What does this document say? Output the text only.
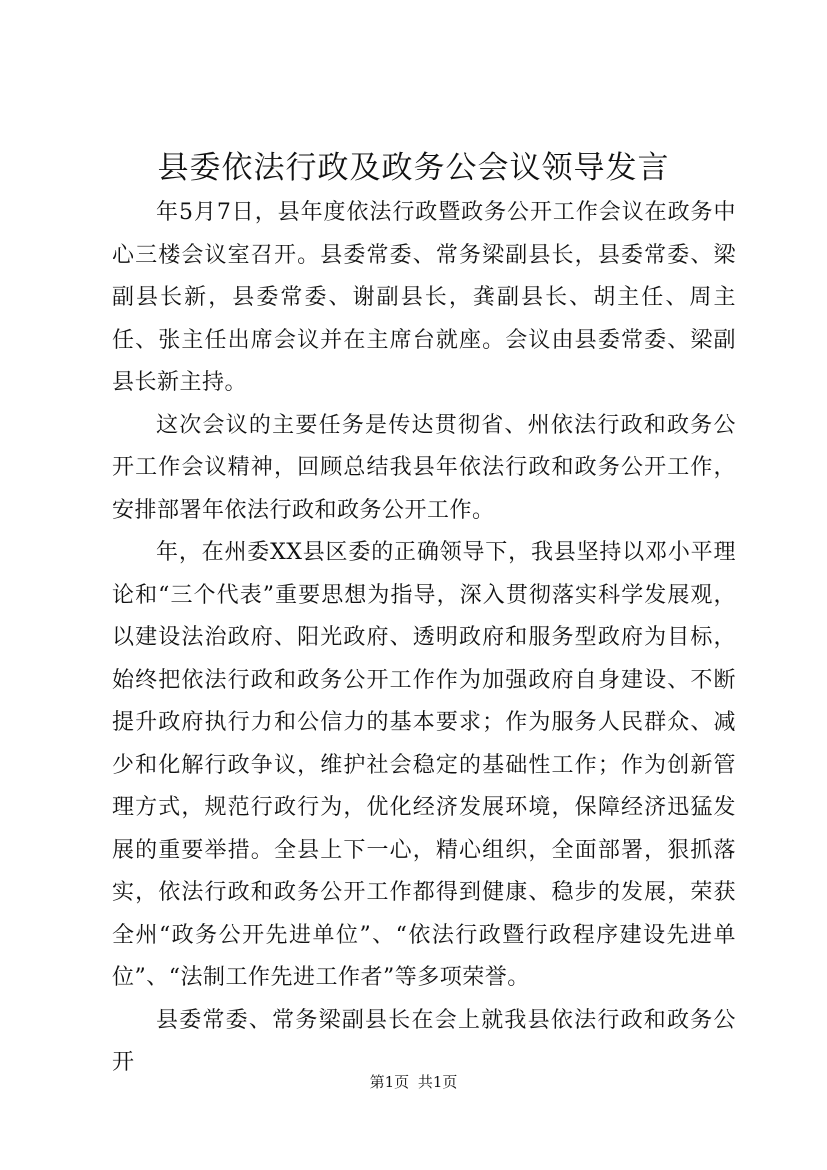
县委依法行政及政务公会议领导发言

年5月7日，县年度依法行政暨政务公开工作会议在政务中心三楼会议室召开。县委常委、常务梁副县长，县委常委、梁副县长新，县委常委、谢副县长，龚副县长、胡主任、周主任、张主任出席会议并在主席台就座。会议由县委常委、梁副县长新主持。

这次会议的主要任务是传达贯彻省、州依法行政和政务公开工作会议精神，回顾总结我县年依法行政和政务公开工作，安排部署年依法行政和政务公开工作。

年，在州委XX县区委的正确领导下，我县坚持以邓小平理论和“三个代表”重要思想为指导，深入贯彻落实科学发展观，以建设法治政府、阳光政府、透明政府和服务型政府为目标，始终把依法行政和政务公开工作作为加强政府自身建设、不断提升政府执行力和公信力的基本要求；作为服务人民群众、减少和化解行政争议，维护社会稳定的基础性工作；作为创新管理方式，规范行政行为，优化经济发展环境，保障经济迅猛发展的重要举措。全县上下一心，精心组织，全面部署，狠抓落实，依法行政和政务公开工作都得到健康、稳步的发展，荣获全州“政务公开先进单位”、“依法行政暨行政程序建设先进单位”、“法制工作先进工作者”等多项荣誉。

县委常委、常务梁副县长在会上就我县依法行政和政务公开

第1页 共1页
